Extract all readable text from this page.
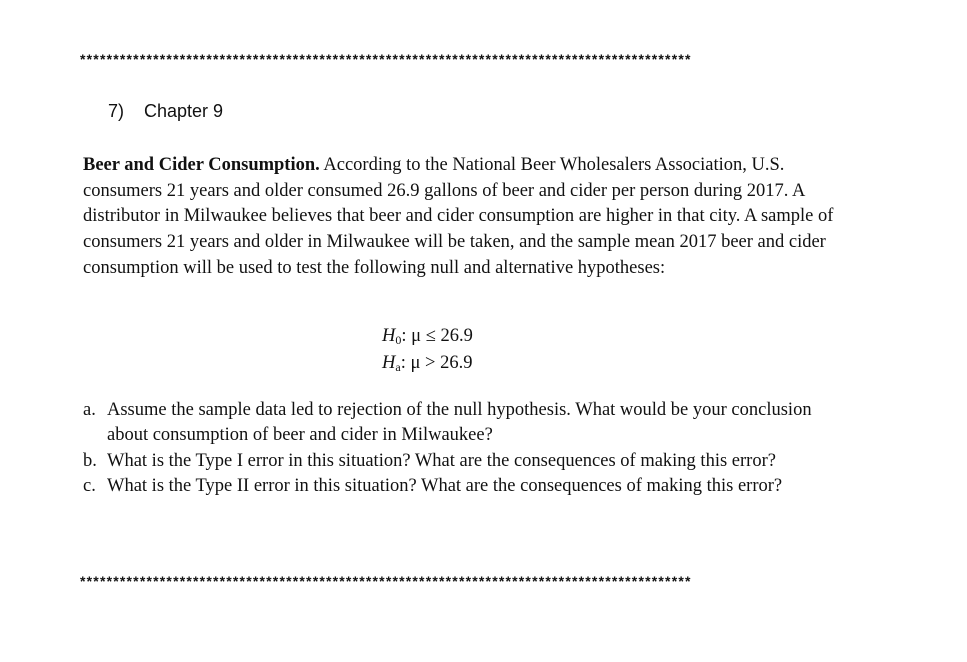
********************************************************************************************
7) Chapter 9
Beer and Cider Consumption. According to the National Beer Wholesalers Association, U.S. consumers 21 years and older consumed 26.9 gallons of beer and cider per person during 2017. A distributor in Milwaukee believes that beer and cider consumption are higher in that city. A sample of consumers 21 years and older in Milwaukee will be taken, and the sample mean 2017 beer and cider consumption will be used to test the following null and alternative hypotheses:
$H_0$: μ ≤ 26.9
$H_a$: μ > 26.9
a. Assume the sample data led to rejection of the null hypothesis. What would be your conclusion about consumption of beer and cider in Milwaukee?
b. What is the Type I error in this situation? What are the consequences of making this error?
c. What is the Type II error in this situation? What are the consequences of making this error?
********************************************************************************************
